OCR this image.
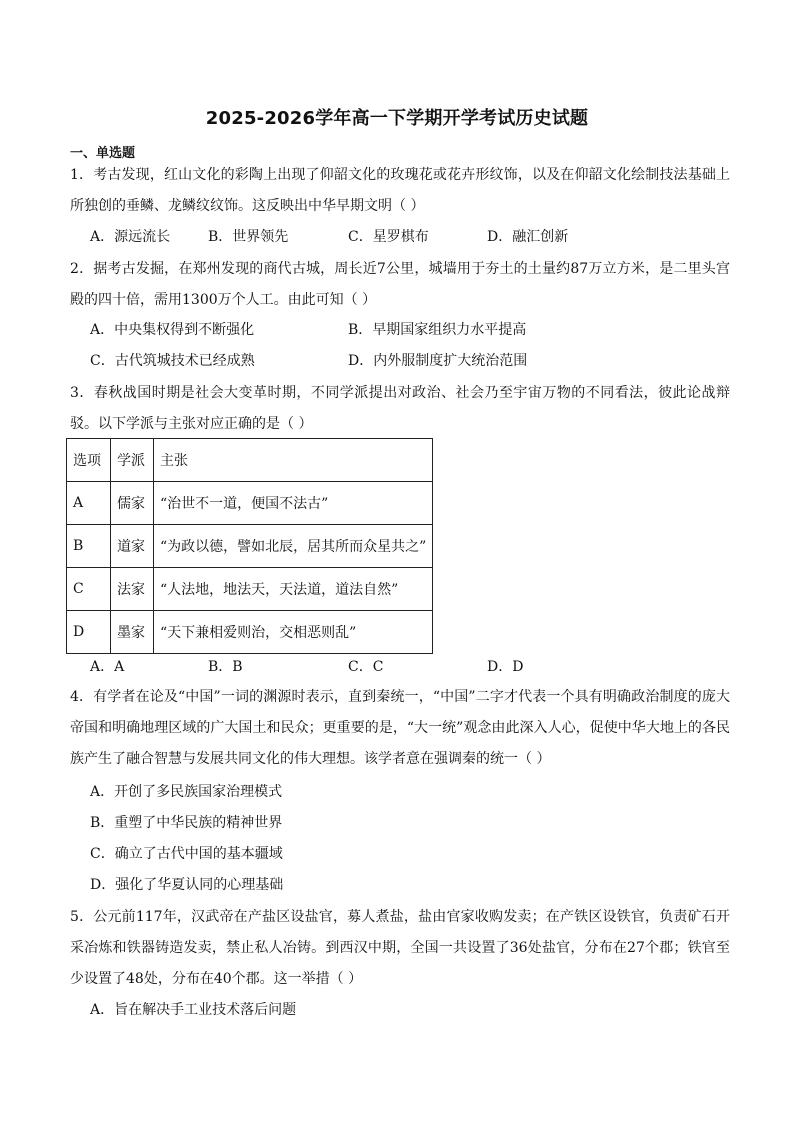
2025-2026学年高一下学期开学考试历史试题
一、单选题
1．考古发现，红山文化的彩陶上出现了仰韶文化的玫瑰花或花卉形纹饰，以及在仰韶文化绘制技法基础上所独创的垂鳞、龙鳞纹纹饰。这反映出中华早期文明（ ）
A．源远流长	B．世界领先	C．星罗棋布	D．融汇创新
2．据考古发掘，在郑州发现的商代古城，周长近7公里，城墙用于夯土的土量约87万立方米，是二里头宫殿的四十倍，需用1300万个人工。由此可知（ ）
A．中央集权得到不断强化	B．早期国家组织力水平提高
C．古代筑城技术已经成熟	D．内外服制度扩大统治范围
3．春秋战国时期是社会大变革时期，不同学派提出对政治、社会乃至宇宙万物的不同看法，彼此论战辩驳。以下学派与主张对应正确的是（ ）
选项	学派	主张
A	儒家	“治世不一道，便国不法古”
B	道家	“为政以德，譬如北辰，居其所而众星共之”
C	法家	“人法地，地法天，天法道，道法自然”
D	墨家	“天下兼相爱则治，交相恶则乱”
A．A	B．B	C．C	D．D
4．有学者在论及“中国”一词的渊源时表示，直到秦统一，“中国”二字才代表一个具有明确政治制度的庞大帝国和明确地理区域的广大国土和民众；更重要的是，“大一统”观念由此深入人心，促使中华大地上的各民族产生了融合智慧与发展共同文化的伟大理想。该学者意在强调秦的统一（ ）
A．开创了多民族国家治理模式
B．重塑了中华民族的精神世界
C．确立了古代中国的基本疆域
D．强化了华夏认同的心理基础
5．公元前117年，汉武帝在产盐区设盐官，募人煮盐，盐由官家收购发卖；在产铁区设铁官，负责矿石开采冶炼和铁器铸造发卖，禁止私人冶铸。到西汉中期，全国一共设置了36处盐官，分布在27个郡；铁官至少设置了48处，分布在40个郡。这一举措（ ）
A．旨在解决手工业技术落后问题
